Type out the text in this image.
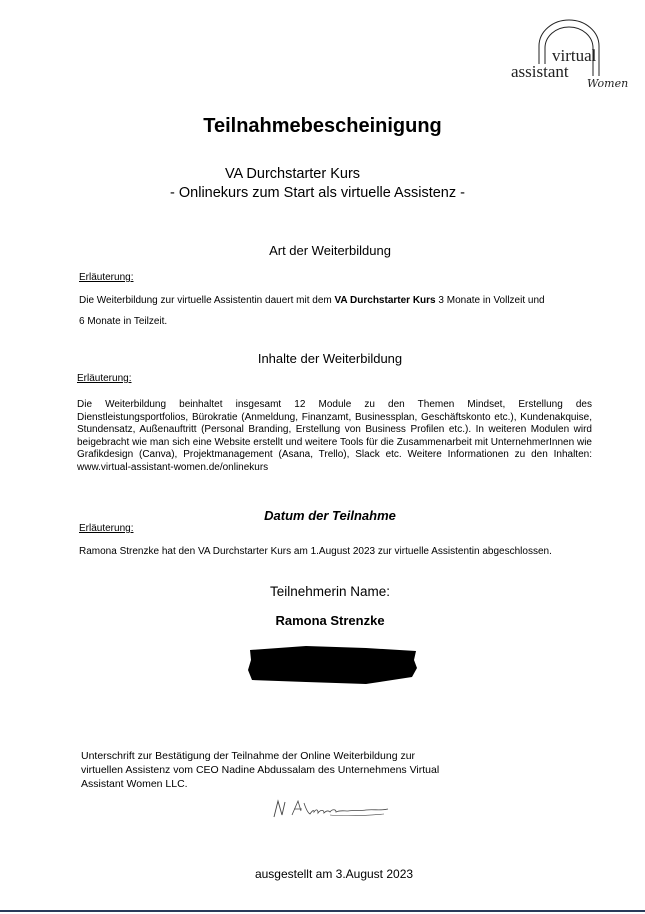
virtual
assistant
Women
Teilnahmebescheinigung
VA Durchstarter Kurs
- Onlinekurs zum Start als virtuelle Assistenz -
Art der Weiterbildung
Erläuterung:
Die Weiterbildung zur virtuelle Assistentin dauert mit dem VA Durchstarter Kurs 3 Monate in Vollzeit und
6 Monate in Teilzeit.
Inhalte der Weiterbildung
Erläuterung:
Die Weiterbildung beinhaltet insgesamt 12 Module zu den Themen Mindset, Erstellung des Dienstleistungsportfolios, Bürokratie (Anmeldung, Finanzamt, Businessplan, Geschäftskonto etc.), Kundenakquise, Stundensatz, Außenauftritt (Personal Branding, Erstellung von Business Profilen etc.). In weiteren Modulen wird beigebracht wie man sich eine Website erstellt und weitere Tools für die Zusammenarbeit mit UnternehmerInnen wie Grafikdesign (Canva), Projektmanagement (Asana, Trello), Slack etc. Weitere Informationen zu den Inhalten: www.virtual-assistant-women.de/onlinekurs
Datum der Teilnahme
Erläuterung:
Ramona Strenzke hat den VA Durchstarter Kurs am 1.August 2023 zur virtuelle Assistentin abgeschlossen.
Teilnehmerin Name:
Ramona Strenzke
Unterschrift zur Bestätigung der Teilnahme der Online Weiterbildung zur
virtuellen Assistenz vom CEO Nadine Abdussalam des Unternehmens Virtual
Assistant Women LLC.
ausgestellt am 3.August 2023
